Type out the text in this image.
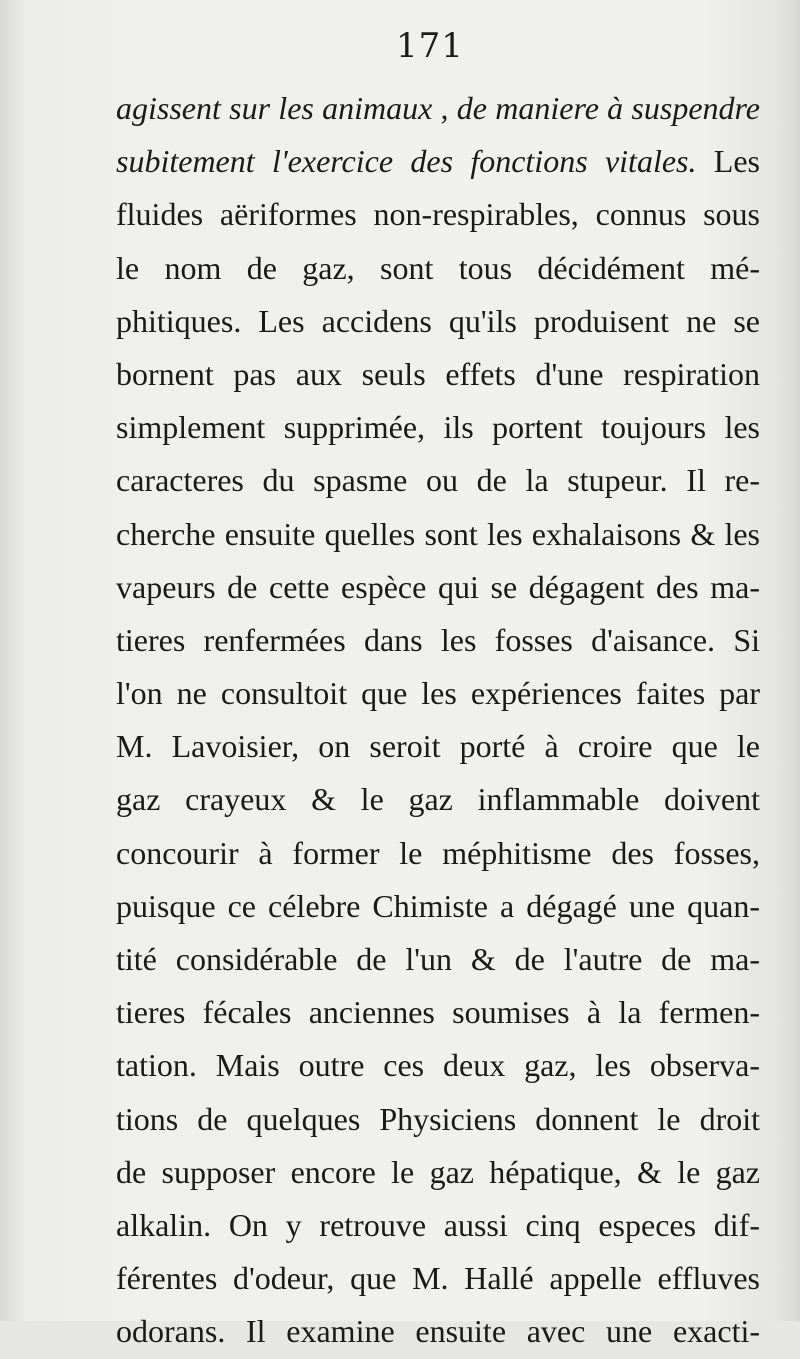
171
agissent sur les animaux , de maniere à suspendre
subitement l'exercice des fonctions vitales. Les
fluides aëriformes non-respirables, connus sous
le nom de gaz, sont tous décidément mé-
phitiques. Les accidens qu'ils produisent ne se
bornent pas aux seuls effets d'une respiration
simplement supprimée, ils portent toujours les
caracteres du spasme ou de la stupeur. Il re-
cherche ensuite quelles sont les exhalaisons & les
vapeurs de cette espèce qui se dégagent des ma-
tieres renfermées dans les fosses d'aisance. Si
l'on ne consultoit que les expériences faites par
M. Lavoisier, on seroit porté à croire que le
gaz crayeux & le gaz inflammable doivent
concourir à former le méphitisme des fosses,
puisque ce célebre Chimiste a dégagé une quan-
tité considérable de l'un & de l'autre de ma-
tieres fécales anciennes soumises à la fermen-
tation. Mais outre ces deux gaz, les observa-
tions de quelques Physiciens donnent le droit
de supposer encore le gaz hépatique, & le gaz
alkalin. On y retrouve aussi cinq especes dif-
férentes d'odeur, que M. Hallé appelle effluves
odorans. Il examine ensuite avec une exacti-
